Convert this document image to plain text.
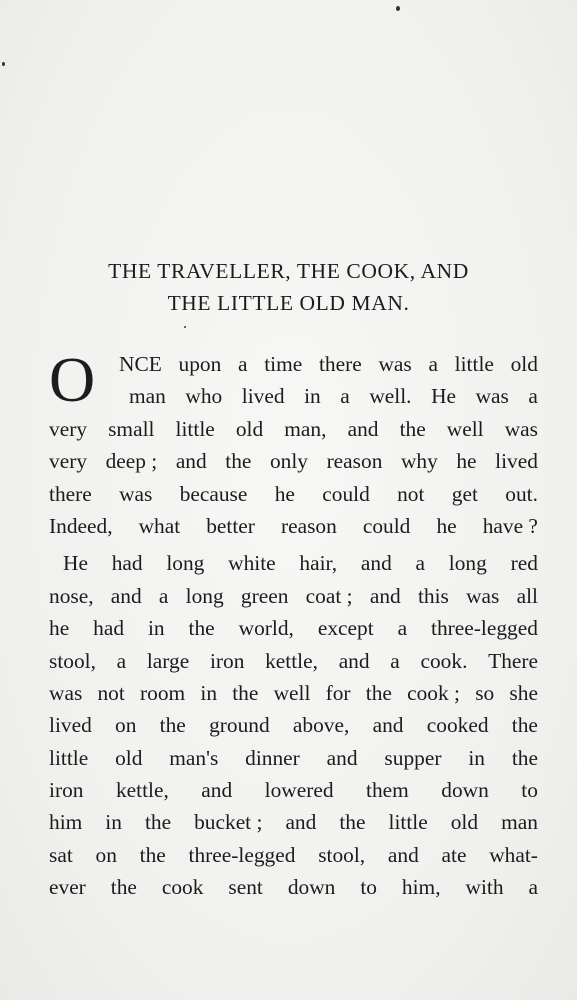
THE TRAVELLER, THE COOK, AND
THE LITTLE OLD MAN.
O NCE upon a time there was a little old
man who lived in a well. He was a
very small little old man, and the well was
very deep ; and the only reason why he lived
there was because he could not get out.
Indeed, what better reason could he have ?
He had long white hair, and a long red
nose, and a long green coat ; and this was all
he had in the world, except a three-legged
stool, a large iron kettle, and a cook. There
was not room in the well for the cook ; so she
lived on the ground above, and cooked the
little old man's dinner and supper in the
iron kettle, and lowered them down to
him in the bucket ; and the little old man
sat on the three-legged stool, and ate what-
ever the cook sent down to him, with a
